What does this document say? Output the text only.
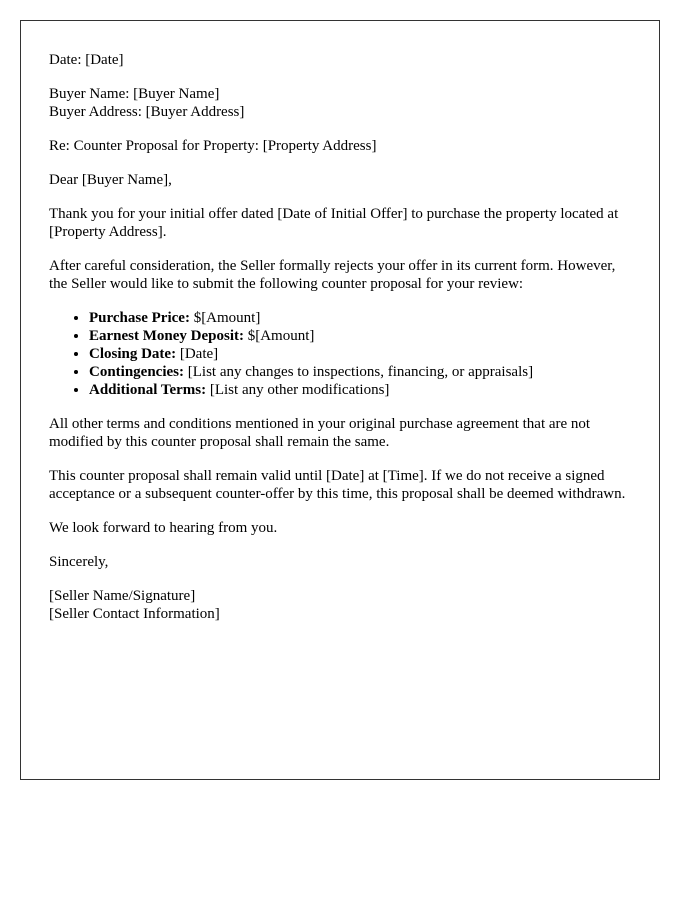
Date: [Date]

Buyer Name: [Buyer Name]
Buyer Address: [Buyer Address]

Re: Counter Proposal for Property: [Property Address]

Dear [Buyer Name],

Thank you for your initial offer dated [Date of Initial Offer] to purchase the property located at [Property Address].

After careful consideration, the Seller formally rejects your offer in its current form. However, the Seller would like to submit the following counter proposal for your review:

• Purchase Price: $[Amount]
• Earnest Money Deposit: $[Amount]
• Closing Date: [Date]
• Contingencies: [List any changes to inspections, financing, or appraisals]
• Additional Terms: [List any other modifications]

All other terms and conditions mentioned in your original purchase agreement that are not modified by this counter proposal shall remain the same.

This counter proposal shall remain valid until [Date] at [Time]. If we do not receive a signed acceptance or a subsequent counter-offer by this time, this proposal shall be deemed withdrawn.

We look forward to hearing from you.

Sincerely,

[Seller Name/Signature]
[Seller Contact Information]
